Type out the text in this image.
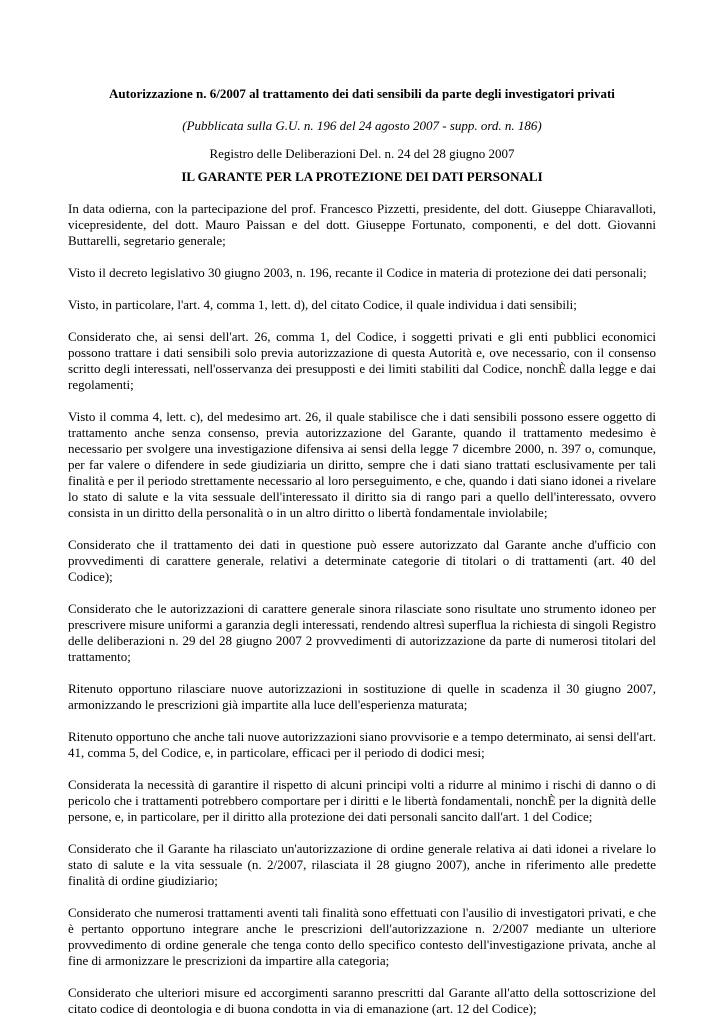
Autorizzazione n. 6/2007 al trattamento dei dati sensibili da parte degli investigatori privati
(Pubblicata sulla G.U. n. 196 del 24 agosto 2007 - supp. ord. n. 186)
Registro delle Deliberazioni Del. n. 24 del 28 giugno 2007
IL GARANTE PER LA PROTEZIONE DEI DATI PERSONALI

In data odierna, con la partecipazione del prof. Francesco Pizzetti, presidente, del dott. Giuseppe Chiaravalloti, vicepresidente, del dott. Mauro Paissan e del dott. Giuseppe Fortunato, componenti, e del dott. Giovanni Buttarelli, segretario generale;

Visto il decreto legislativo 30 giugno 2003, n. 196, recante il Codice in materia di protezione dei dati personali;

Visto, in particolare, l'art. 4, comma 1, lett. d), del citato Codice, il quale individua i dati sensibili;

Considerato che, ai sensi dell'art. 26, comma 1, del Codice, i soggetti privati e gli enti pubblici economici possono trattare i dati sensibili solo previa autorizzazione di questa Autorità e, ove necessario, con il consenso scritto degli interessati, nell'osservanza dei presupposti e dei limiti stabiliti dal Codice, nonchÈ dalla legge e dai regolamenti;

Visto il comma 4, lett. c), del medesimo art. 26, il quale stabilisce che i dati sensibili possono essere oggetto di trattamento anche senza consenso, previa autorizzazione del Garante, quando il trattamento medesimo è necessario per svolgere una investigazione difensiva ai sensi della legge 7 dicembre 2000, n. 397 o, comunque, per far valere o difendere in sede giudiziaria un diritto, sempre che i dati siano trattati esclusivamente per tali finalità e per il periodo strettamente necessario al loro perseguimento, e che, quando i dati siano idonei a rivelare lo stato di salute e la vita sessuale dell'interessato il diritto sia di rango pari a quello dell'interessato, ovvero consista in un diritto della personalità o in un altro diritto o libertà fondamentale inviolabile;

Considerato che il trattamento dei dati in questione può essere autorizzato dal Garante anche d'ufficio con provvedimenti di carattere generale, relativi a determinate categorie di titolari o di trattamenti (art. 40 del Codice);

Considerato che le autorizzazioni di carattere generale sinora rilasciate sono risultate uno strumento idoneo per prescrivere misure uniformi a garanzia degli interessati, rendendo altresì superflua la richiesta di singoli Registro delle deliberazioni n. 29 del 28 giugno 2007 2 provvedimenti di autorizzazione da parte di numerosi titolari del trattamento;

Ritenuto opportuno rilasciare nuove autorizzazioni in sostituzione di quelle in scadenza il 30 giugno 2007, armonizzando le prescrizioni già impartite alla luce dell'esperienza maturata;

Ritenuto opportuno che anche tali nuove autorizzazioni siano provvisorie e a tempo determinato, ai sensi dell'art. 41, comma 5, del Codice, e, in particolare, efficaci per il periodo di dodici mesi;

Considerata la necessità di garantire il rispetto di alcuni principi volti a ridurre al minimo i rischi di danno o di pericolo che i trattamenti potrebbero comportare per i diritti e le libertà fondamentali, nonchÈ per la dignità delle persone, e, in particolare, per il diritto alla protezione dei dati personali sancito dall'art. 1 del Codice;

Considerato che il Garante ha rilasciato un'autorizzazione di ordine generale relativa ai dati idonei a rivelare lo stato di salute e la vita sessuale (n. 2/2007, rilasciata il 28 giugno 2007), anche in riferimento alle predette finalità di ordine giudiziario;

Considerato che numerosi trattamenti aventi tali finalità sono effettuati con l'ausilio di investigatori privati, e che è pertanto opportuno integrare anche le prescrizioni dell'autorizzazione n. 2/2007 mediante un ulteriore provvedimento di ordine generale che tenga conto dello specifico contesto dell'investigazione privata, anche al fine di armonizzare le prescrizioni da impartire alla categoria;

Considerato che ulteriori misure ed accorgimenti saranno prescritti dal Garante all'atto della sottoscrizione del citato codice di deontologia e di buona condotta in via di emanazione (art. 12 del Codice);
